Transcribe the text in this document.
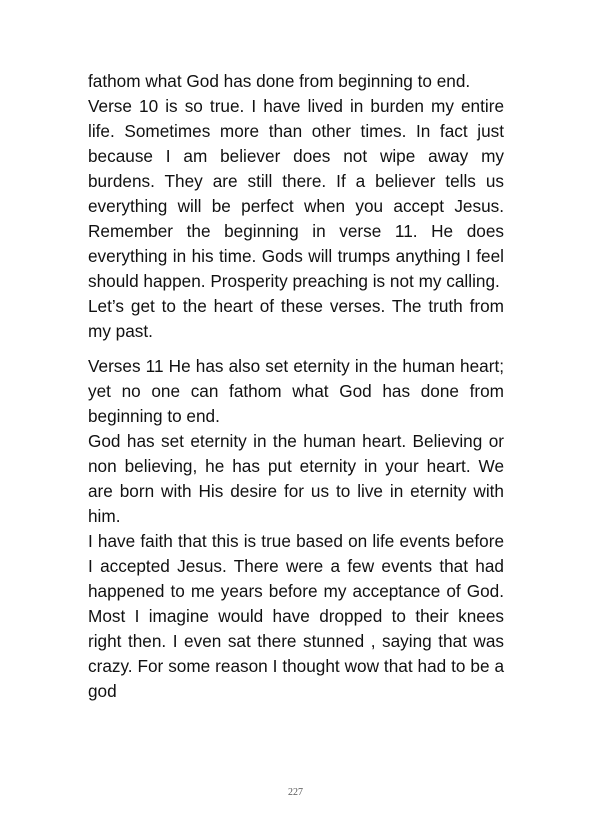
fathom what God has done from beginning to end.

Verse 10 is so true. I have lived in burden my entire life. Sometimes more than other times. In fact just because I am believer does not wipe away my burdens. They are still there. If a believer tells us everything will be perfect when you accept Jesus. Remember the beginning in verse 11. He does everything in his time. Gods will trumps anything I feel should happen. Prosperity preaching is not my calling.

Let’s get to the heart of these verses. The truth from my past.

Verses 11 He has also set eternity in the human heart; yet no one can fathom what God has done from beginning to end.

God has set eternity in the human heart. Believing or non believing, he has put eternity in your heart. We are born with His desire for us to live in eternity with him.

I have faith that this is true based on life events before I accepted Jesus. There were a few events that had happened to me years before my acceptance of God. Most I imagine would have dropped to their knees right then. I even sat there stunned , saying that was crazy. For some reason I thought wow that had to be a god

227
